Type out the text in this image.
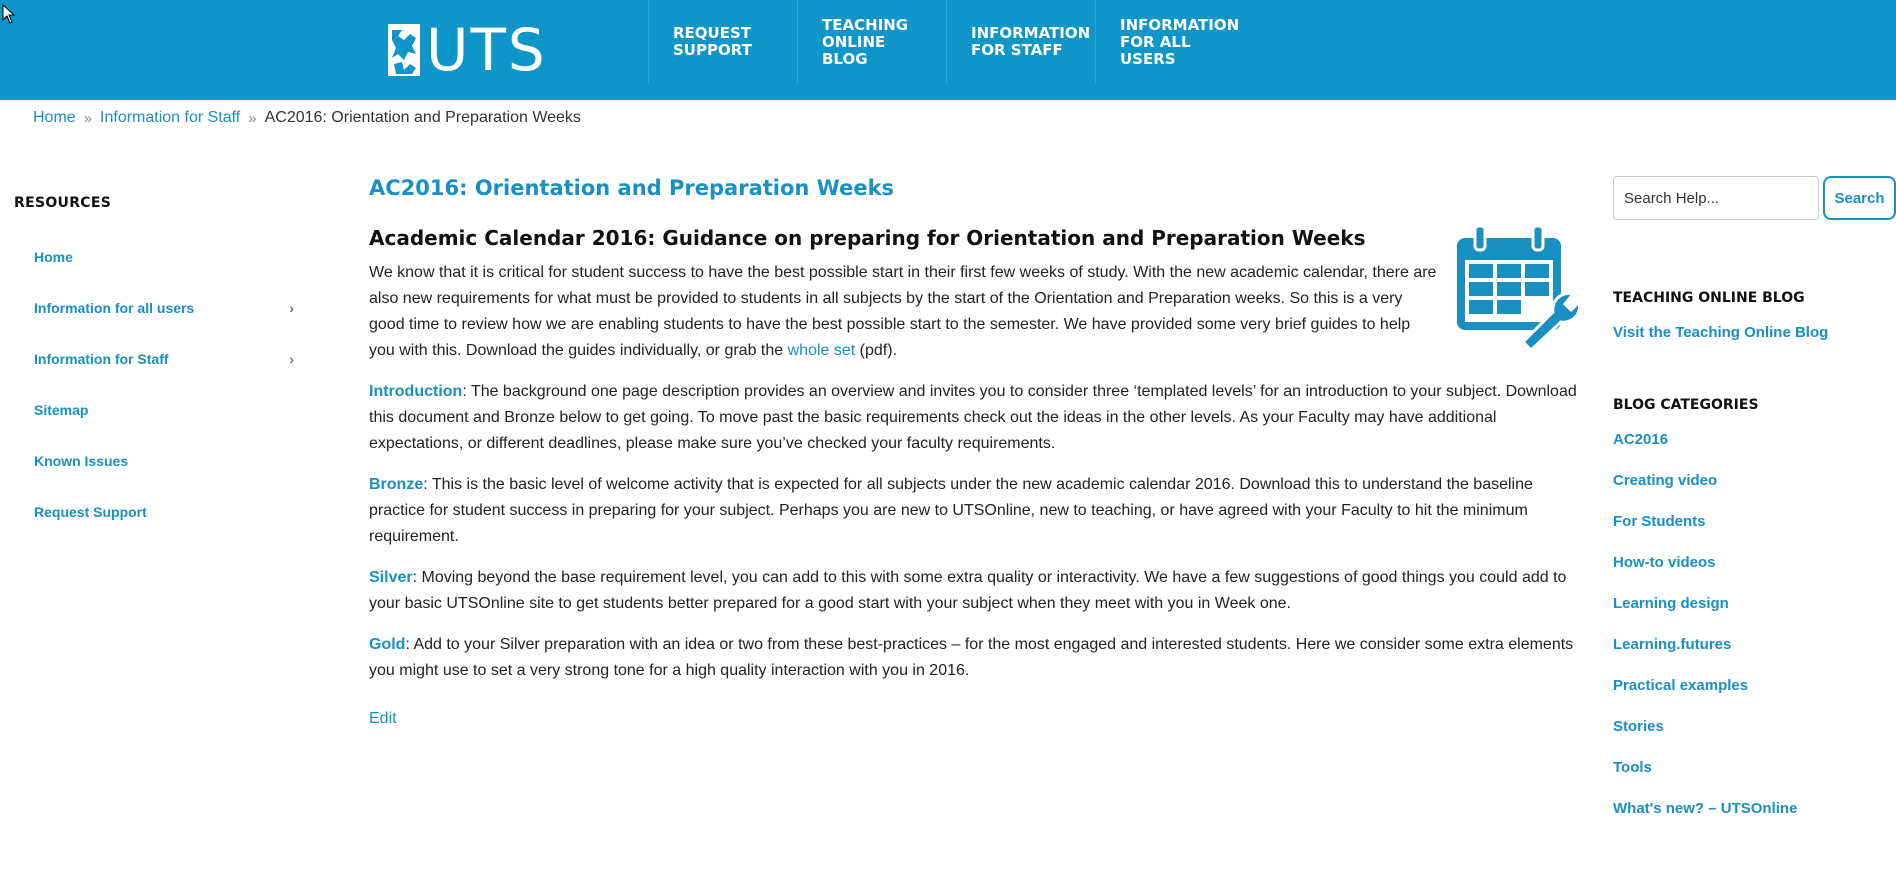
UTS	REQUEST
SUPPORT
TEACHING
ONLINE BLOG
INFORMATION
FOR STAFF
INFORMATION
FOR ALL
USERS
Home » Information for Staff » AC2016: Orientation and Preparation Weeks
RESOURCES
Home
Information for all users	›
Information for Staff	›
Sitemap
Known Issues
Request Support
AC2016: Orientation and Preparation Weeks
Academic Calendar 2016: Guidance on preparing for Orientation and Preparation Weeks

We know that it is critical for student success to have the best possible start in their first few weeks of study. With the new academic calendar, there are also new requirements for what must be provided to students in all subjects by the start of the Orientation and Preparation weeks. So this is a very good time to review how we are enabling students to have the best possible start to the semester. We have provided some very brief guides to help you with this. Download the guides individually, or grab the whole set (pdf).

Introduction: The background one page description provides an overview and invites you to consider three ‘templated levels’ for an introduction to your subject. Download this document and Bronze below to get going. To move past the basic requirements check out the ideas in the other levels. As your Faculty may have additional expectations, or different deadlines, please make sure you’ve checked your faculty requirements.

Bronze: This is the basic level of welcome activity that is expected for all subjects under the new academic calendar 2016. Download this to understand the baseline practice for student success in preparing for your subject. Perhaps you are new to UTSOnline, new to teaching, or have agreed with your Faculty to hit the minimum requirement.

Silver: Moving beyond the base requirement level, you can add to this with some extra quality or interactivity. We have a few suggestions of good things you could add to your basic UTSOnline site to get students better prepared for a good start with your subject when they meet with you in Week one.

Gold: Add to your Silver preparation with an idea or two from these best-practices – for the most engaged and interested students. Here we consider some extra elements you might use to set a very strong tone for a high quality interaction with you in 2016.

Edit
Search Help...
Search
TEACHING ONLINE BLOG
Visit the Teaching Online Blog
BLOG CATEGORIES
AC2016
Creating video
For Students
How-to videos
Learning design
Learning.futures
Practical examples
Stories
Tools
What's new? – UTSOnline
